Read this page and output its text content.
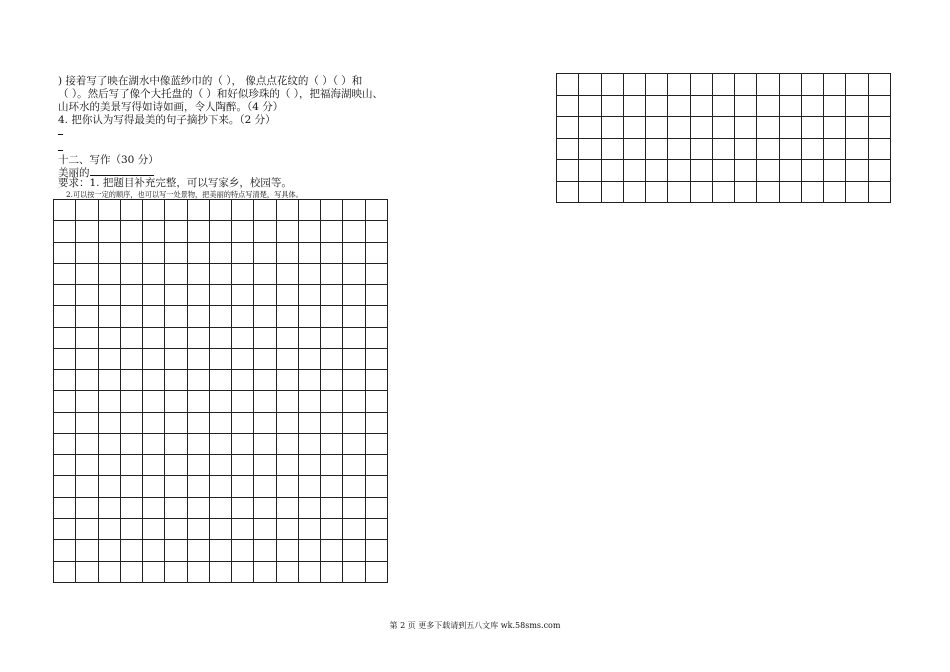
) 接着写了映在湖水中像蓝纱巾的（ ）， 像点点花纹的（ ）（ ）和
（ ）。然后写了像个大托盘的（ ）和好似珍珠的（ ），把福海湖映山、
山环水的美景写得如诗如画，令人陶醉。（4 分）
4. 把你认为写得最美的句子摘抄下来。（2 分）
十二、写作（30 分）
美丽的
要求：1. 把题目补充完整，可以写家乡，校园等。
2.可以按一定的顺序，也可以写一处景物，把美丽的特点写清楚，写具体。

第 2 页 更多下载请到五八文库 wk.58sms.com
